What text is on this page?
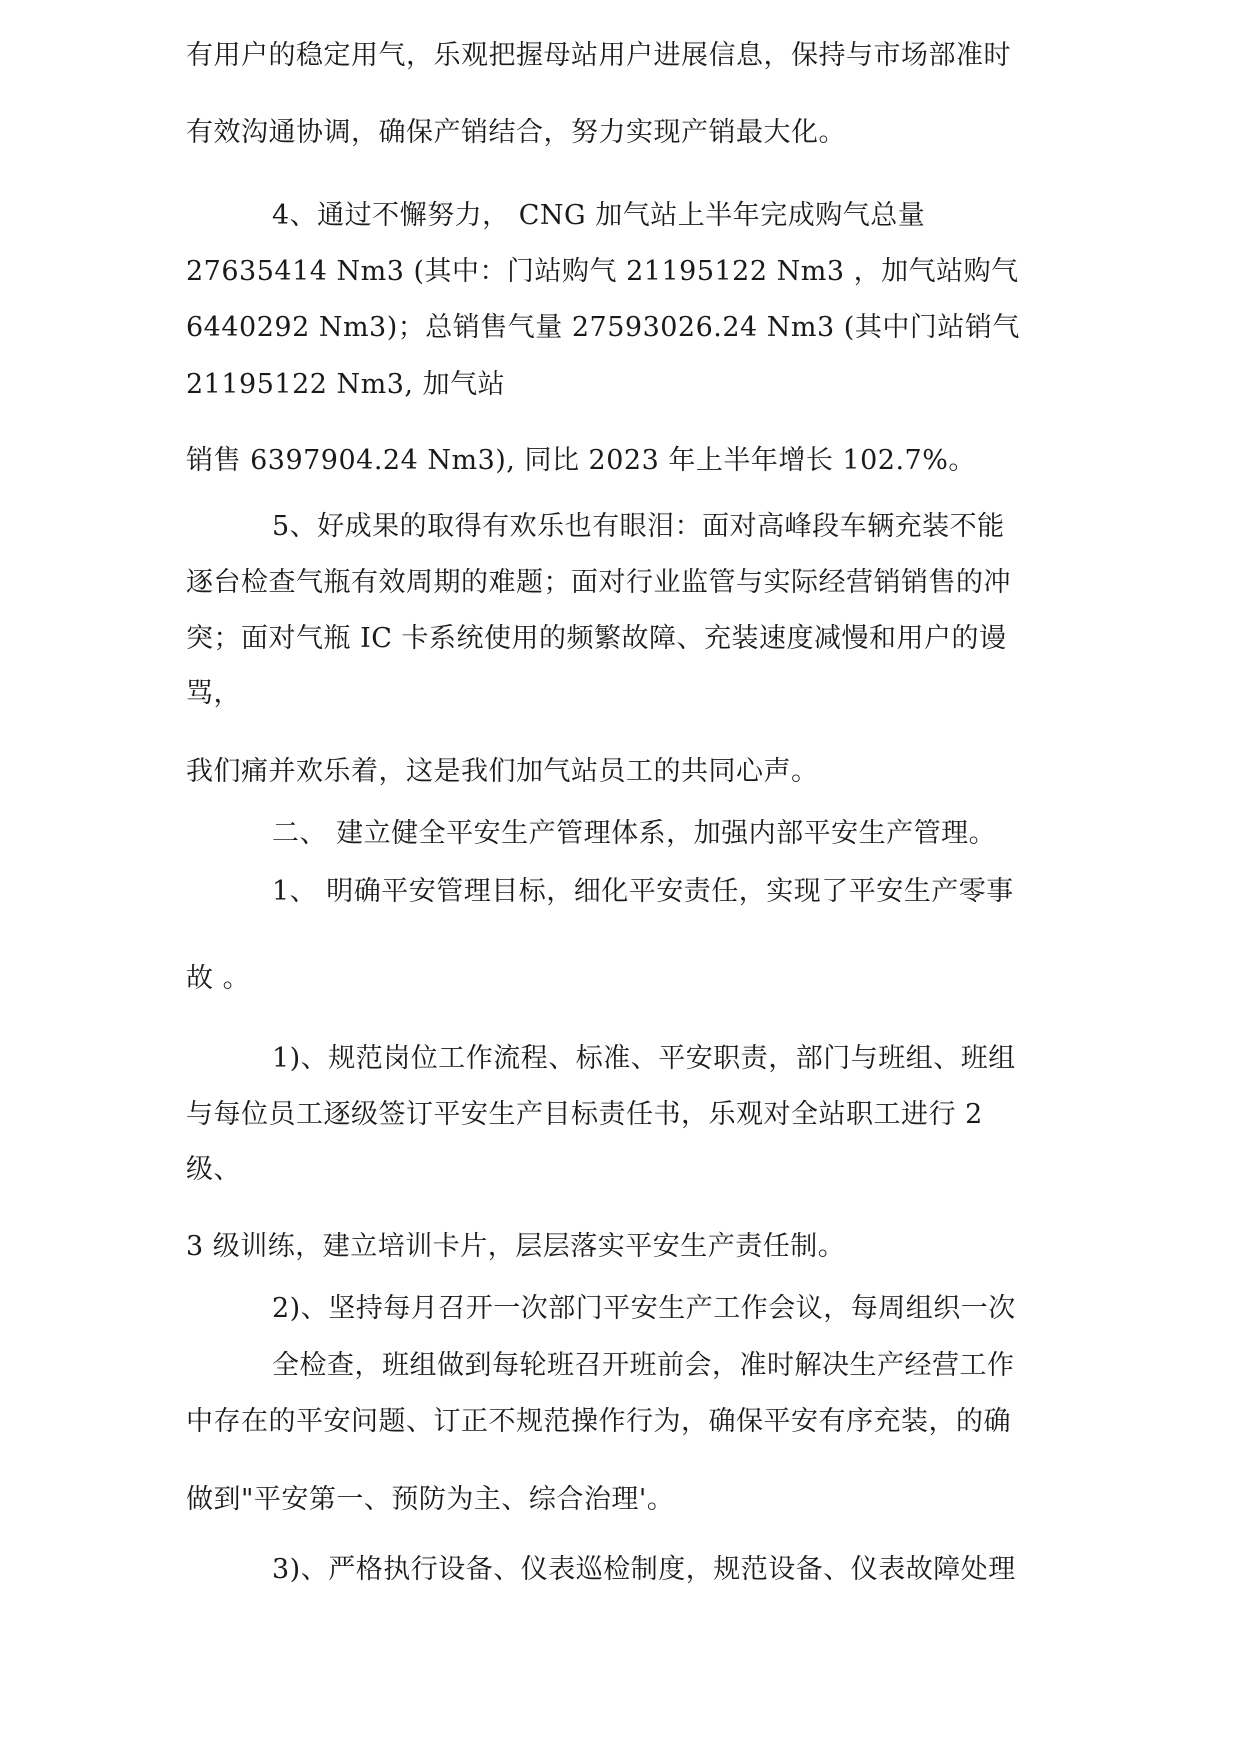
有用户的稳定用气，乐观把握母站用户进展信息，保持与市场部准时
有效沟通协调，确保产销结合，努力实现产销最大化。
4、通过不懈努力， CNG 加气站上半年完成购气总量
27635414 Nm3 (其中：门站购气 21195122 Nm3 ，加气站购气
6440292 Nm3)；总销售气量 27593026.24 Nm3 (其中门站销气
21195122 Nm3, 加气站
销售 6397904.24 Nm3), 同比 2023 年上半年增长 102.7%。
5、好成果的取得有欢乐也有眼泪：面对高峰段车辆充装不能
逐台检查气瓶有效周期的难题；面对行业监管与实际经营销销售的冲
突；面对气瓶 IC 卡系统使用的频繁故障、充装速度减慢和用户的谩
骂，
我们痛并欢乐着，这是我们加气站员工的共同心声。
二、 建立健全平安生产管理体系，加强内部平安生产管理。
1、 明确平安管理目标，细化平安责任，实现了平安生产零事
故 。
1)、规范岗位工作流程、标准、平安职责，部门与班组、班组
与每位员工逐级签订平安生产目标责任书，乐观对全站职工进行 2
级、
3 级训练，建立培训卡片，层层落实平安生产责任制。
2)、坚持每月召开一次部门平安生产工作会议，每周组织一次
全检查，班组做到每轮班召开班前会，准时解决生产经营工作
中存在的平安问题、订正不规范操作行为，确保平安有序充装，的确
做到"平安第一、预防为主、综合治理'。
3)、严格执行设备、仪表巡检制度，规范设备、仪表故障处理
